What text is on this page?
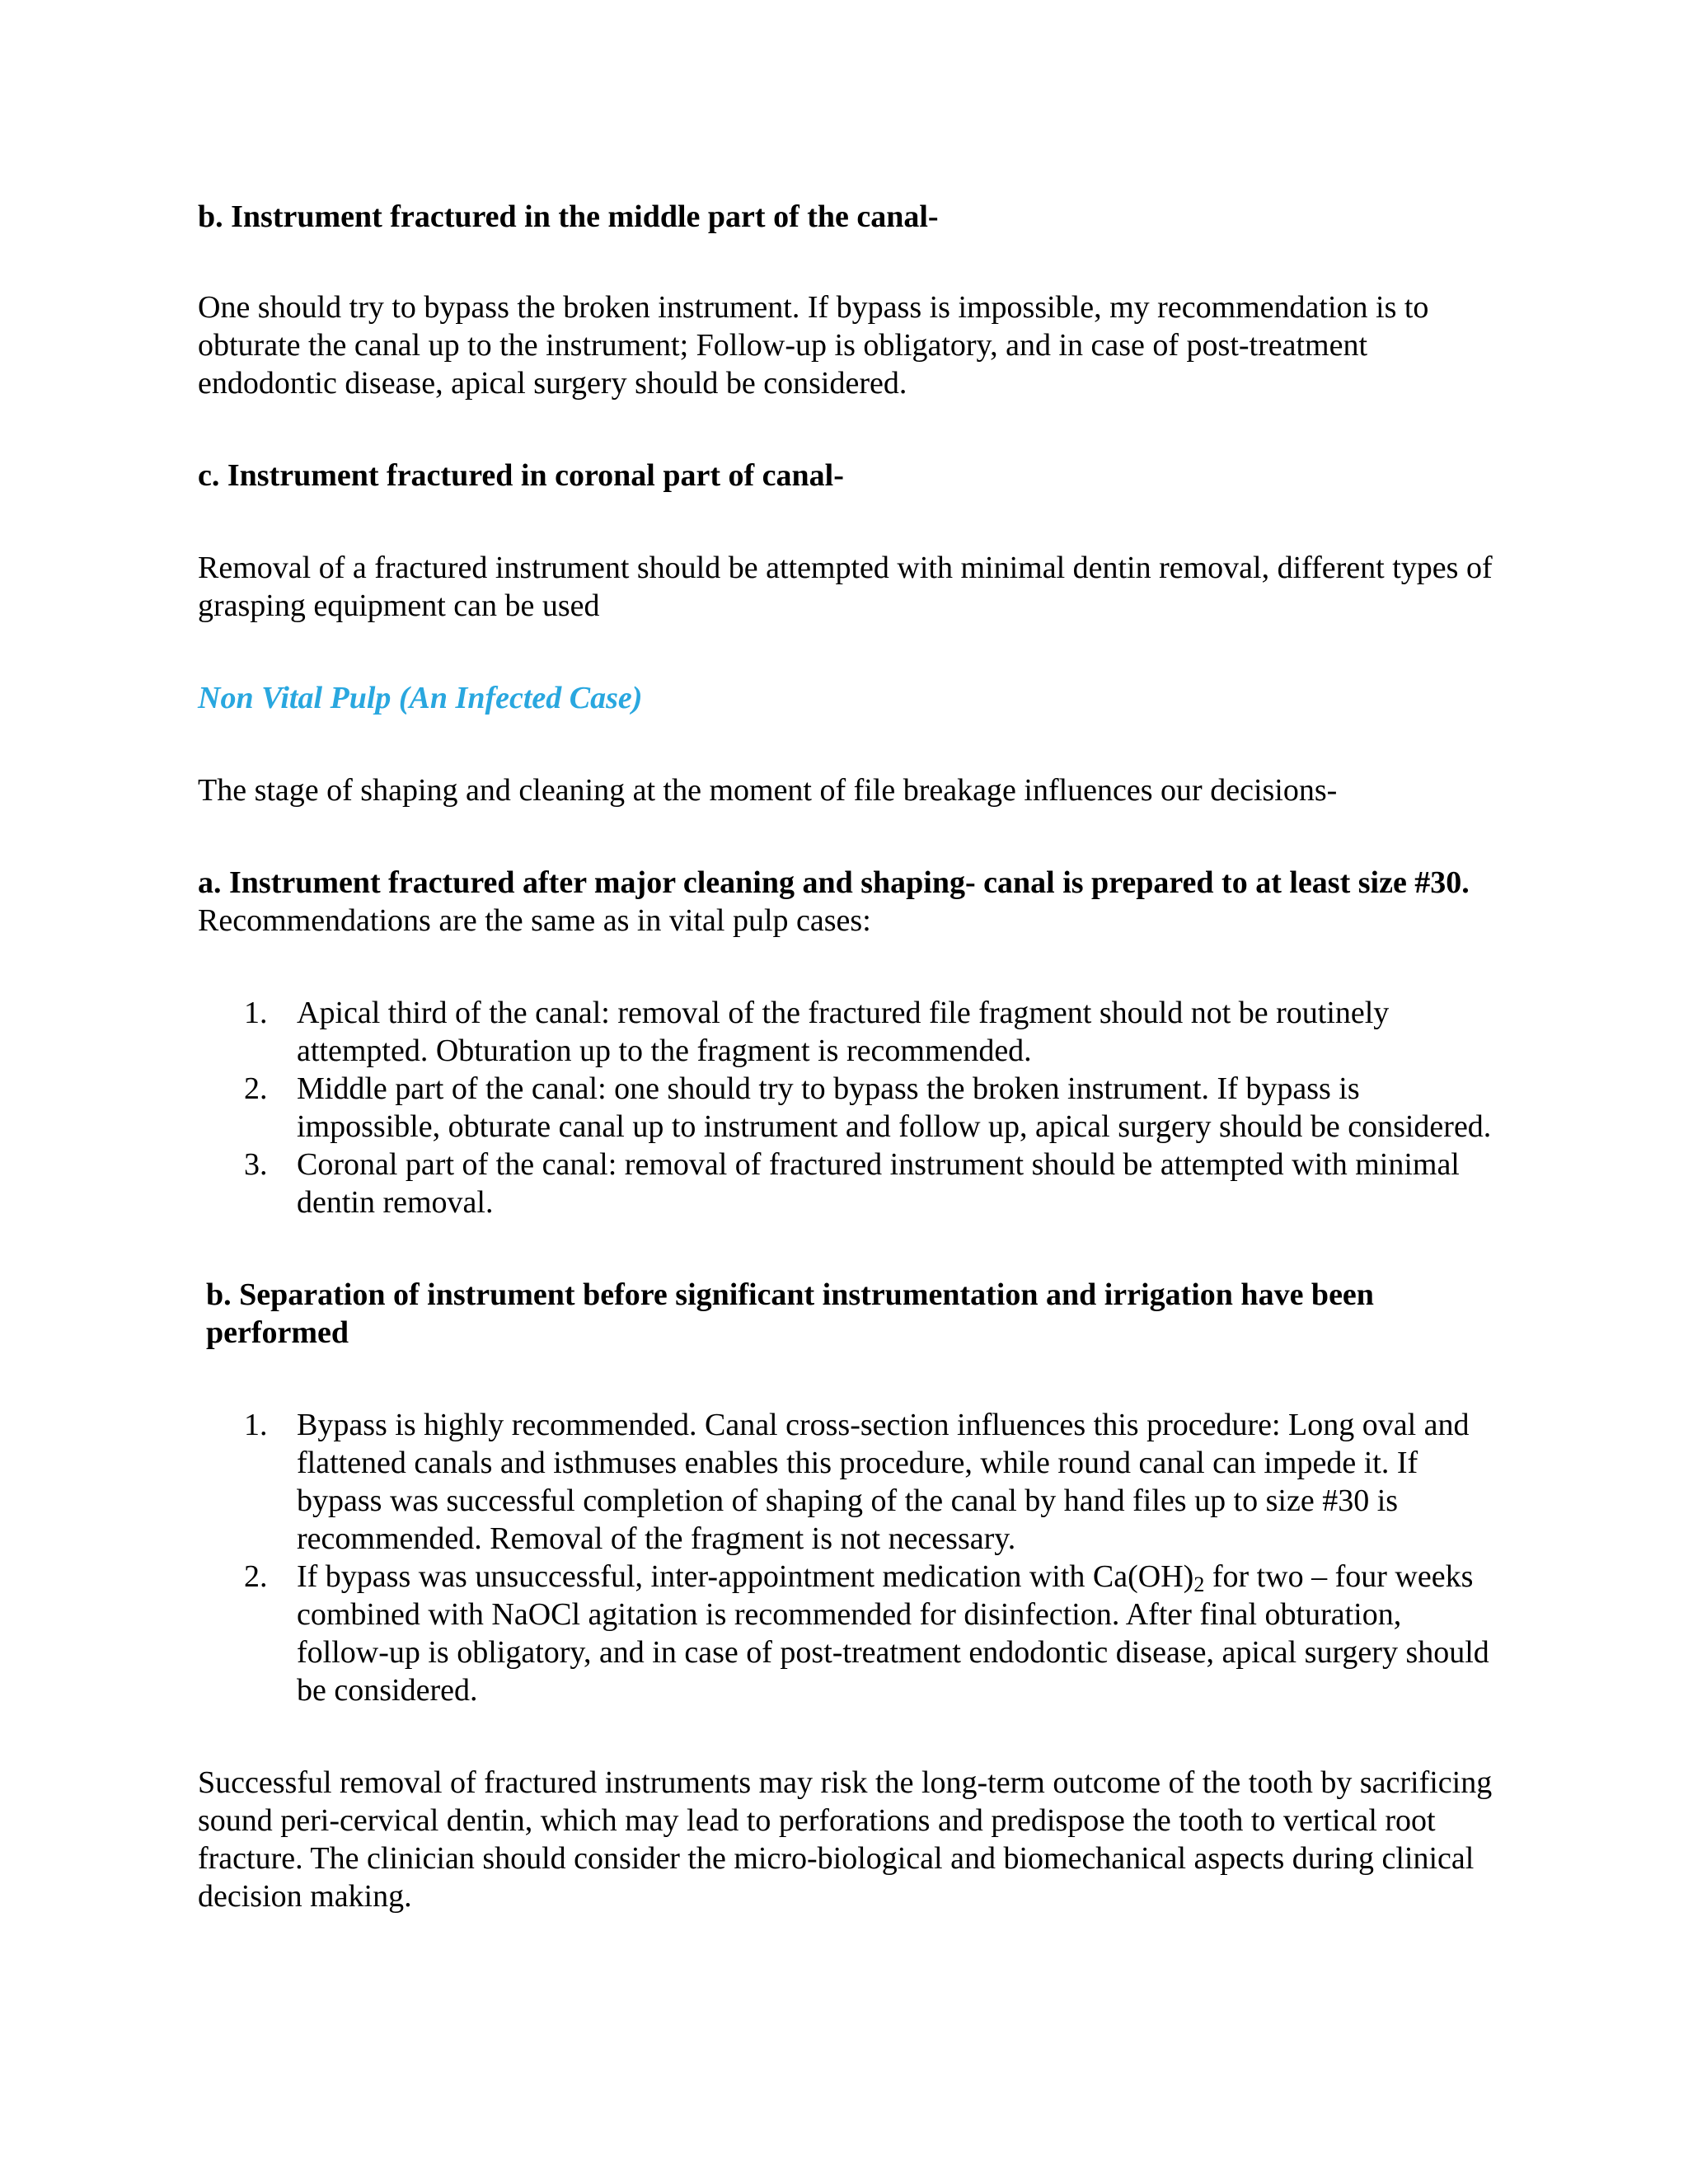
b. Instrument fractured in the middle part of the canal-

One should try to bypass the broken instrument. If bypass is impossible, my recommendation is to obturate the canal up to the instrument; Follow-up is obligatory, and in case of post-treatment endodontic disease, apical surgery should be considered.

c. Instrument fractured in coronal part of canal-

Removal of a fractured instrument should be attempted with minimal dentin removal, different types of grasping equipment can be used

Non Vital Pulp (An Infected Case)

The stage of shaping and cleaning at the moment of file breakage influences our decisions-

a. Instrument fractured after major cleaning and shaping- canal is prepared to at least size #30. Recommendations are the same as in vital pulp cases:

1. Apical third of the canal: removal of the fractured file fragment should not be routinely attempted. Obturation up to the fragment is recommended.
2. Middle part of the canal: one should try to bypass the broken instrument. If bypass is impossible, obturate canal up to instrument and follow up, apical surgery should be considered.
3. Coronal part of the canal: removal of fractured instrument should be attempted with minimal dentin removal.

b. Separation of instrument before significant instrumentation and irrigation have been performed

1. Bypass is highly recommended. Canal cross-section influences this procedure: Long oval and flattened canals and isthmuses enables this procedure, while round canal can impede it. If bypass was successful completion of shaping of the canal by hand files up to size #30 is recommended. Removal of the fragment is not necessary.
2. If bypass was unsuccessful, inter-appointment medication with $Ca(OH)_2$ for two – four weeks combined with NaOCl agitation is recommended for disinfection. After final obturation, follow-up is obligatory, and in case of post-treatment endodontic disease, apical surgery should be considered.

Successful removal of fractured instruments may risk the long-term outcome of the tooth by sacrificing sound peri-cervical dentin, which may lead to perforations and predispose the tooth to vertical root fracture. The clinician should consider the micro-biological and biomechanical aspects during clinical decision making.
